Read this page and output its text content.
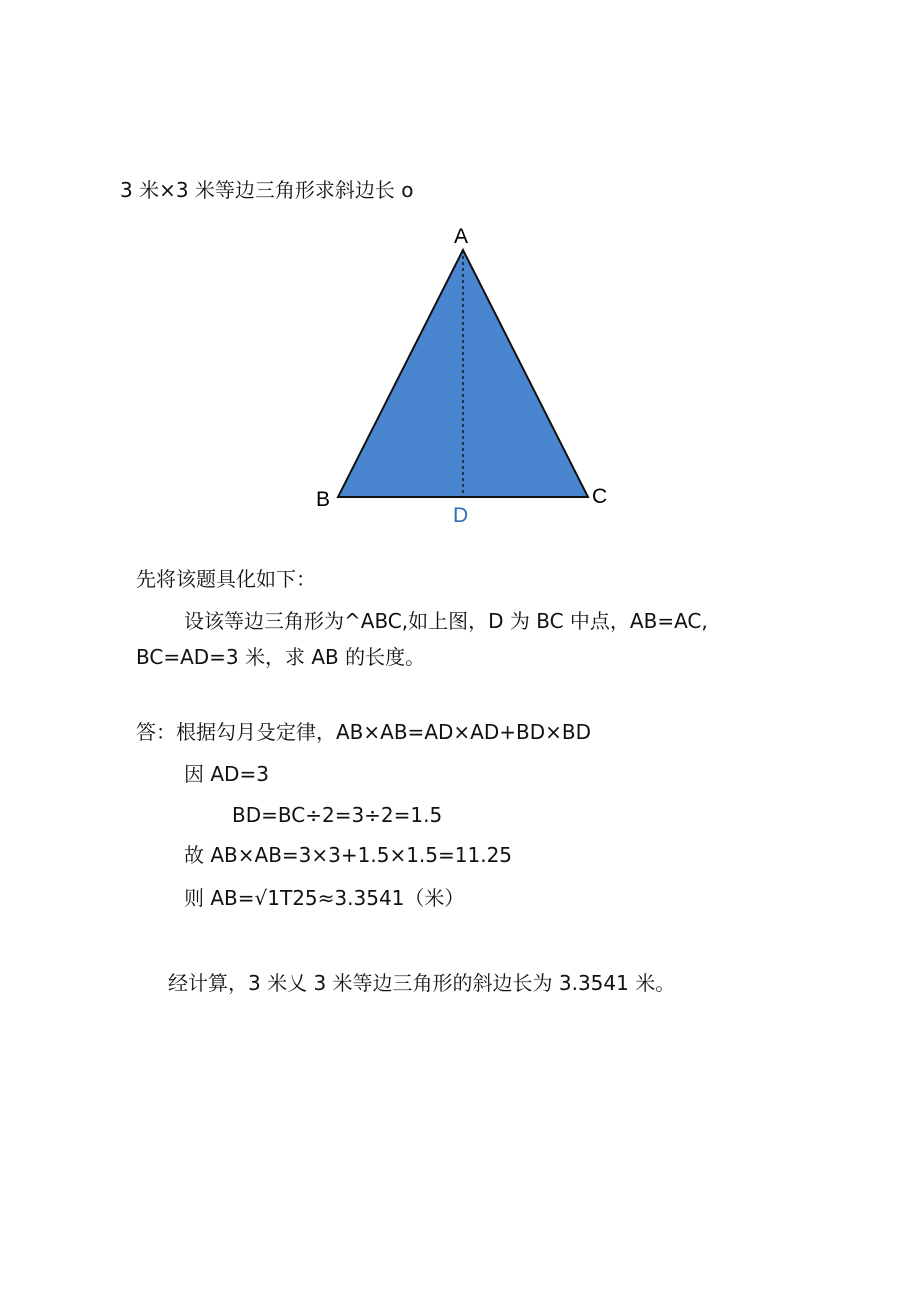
3 米×3 米等边三角形求斜边长 o
A
B	C
D
先将该题具化如下：
设该等边三角形为^ABC,如上图，D 为 BC 中点，AB=AC,
BC=AD=3 米，求 AB 的长度。
答：根据勾月殳定律，AB×AB=AD×AD+BD×BD
因 AD=3
BD=BC÷2=3÷2=1.5
故 AB×AB=3×3+1.5×1.5=11.25
则 AB=√1T25≈3.3541（米）
经计算，3 米乂 3 米等边三角形的斜边长为 3.3541 米。
